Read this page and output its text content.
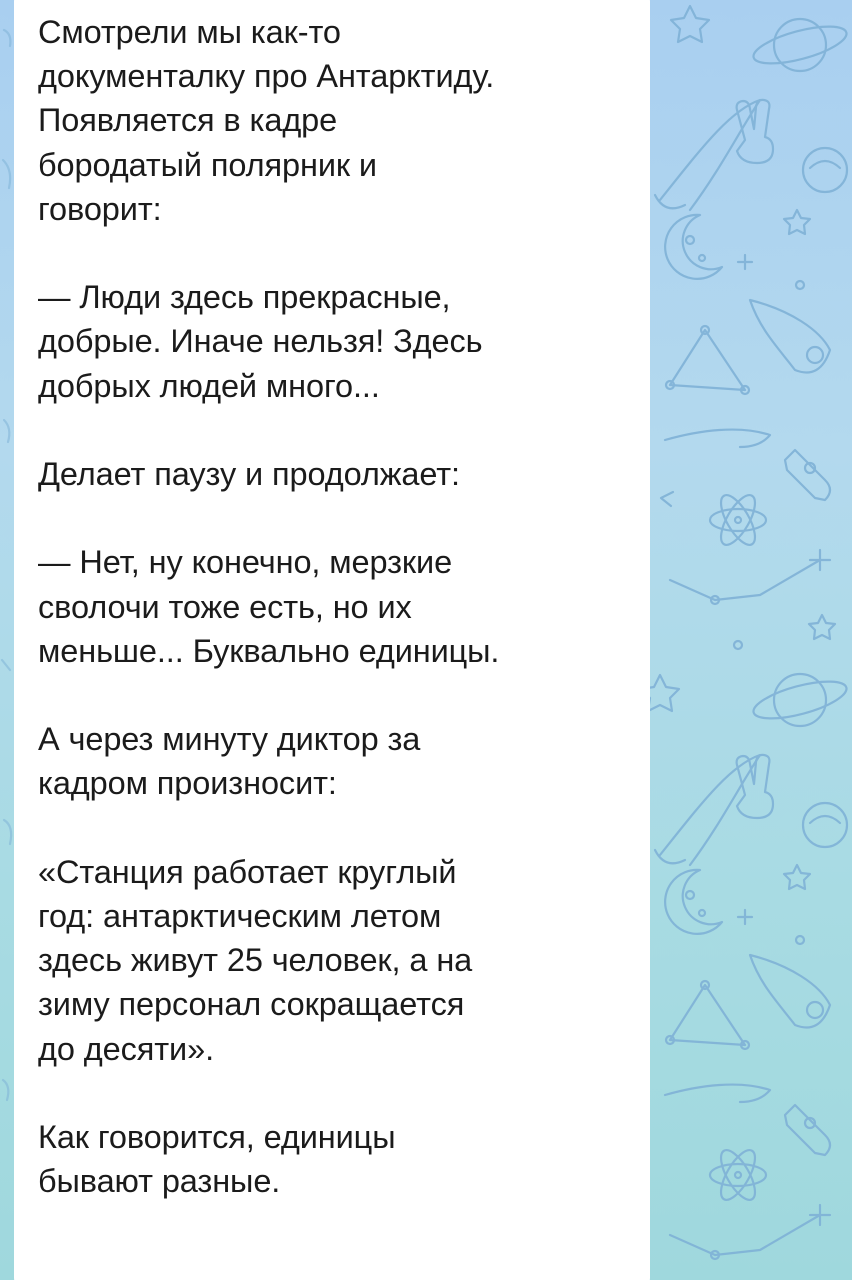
Смотрели мы как-то
документалку про Антарктиду.
Появляется в кадре
бородатый полярник и
говорит:

— Люди здесь прекрасные,
добрые. Иначе нельзя! Здесь
добрых людей много...

Делает паузу и продолжает:

— Нет, ну конечно, мерзкие
сволочи тоже есть, но их
меньше... Буквально единицы.

А через минуту диктор за
кадром произносит:

«Станция работает круглый
год: антарктическим летом
здесь живут 25 человек, а на
зиму персонал сокращается
до десяти».

Как говорится, единицы
бывают разные.
